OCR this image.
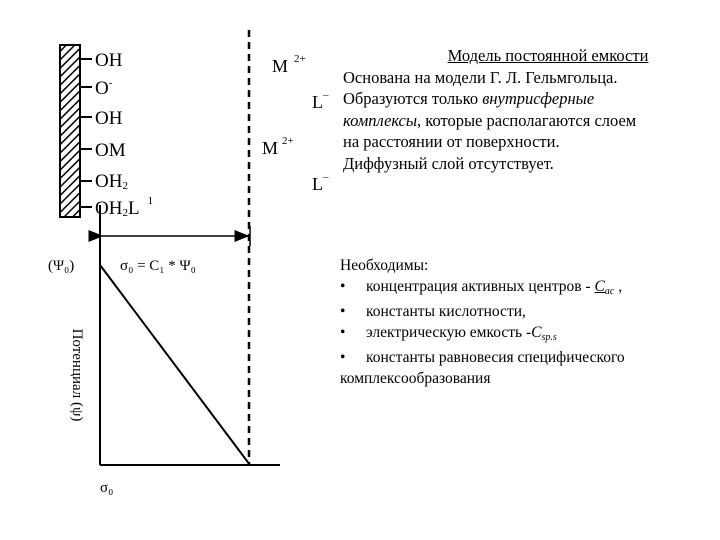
OH
O-
OH
OM
OH2
OH2L $^1$
M $^{2+}$
L–
M $^{2+}$
L–
σ₀ = C₁ * Ψ₀
(Ψ₀)
σ₀
Потенциал (ψ)
Модель постоянной емкости
Основана на модели Г. Л. Гельмгольца.
Образуются только внутрисферные
комплексы, которые располагаются слоем
на расстоянии от поверхности.
Диффузный слой отсутствует.
Необходимы:
• концентрация активных центров - $C_{ac}$ ,
• константы кислотности,
• электрическую емкость $-C_{sp.s}$
• константы равновесия специфического
комплексообразования
